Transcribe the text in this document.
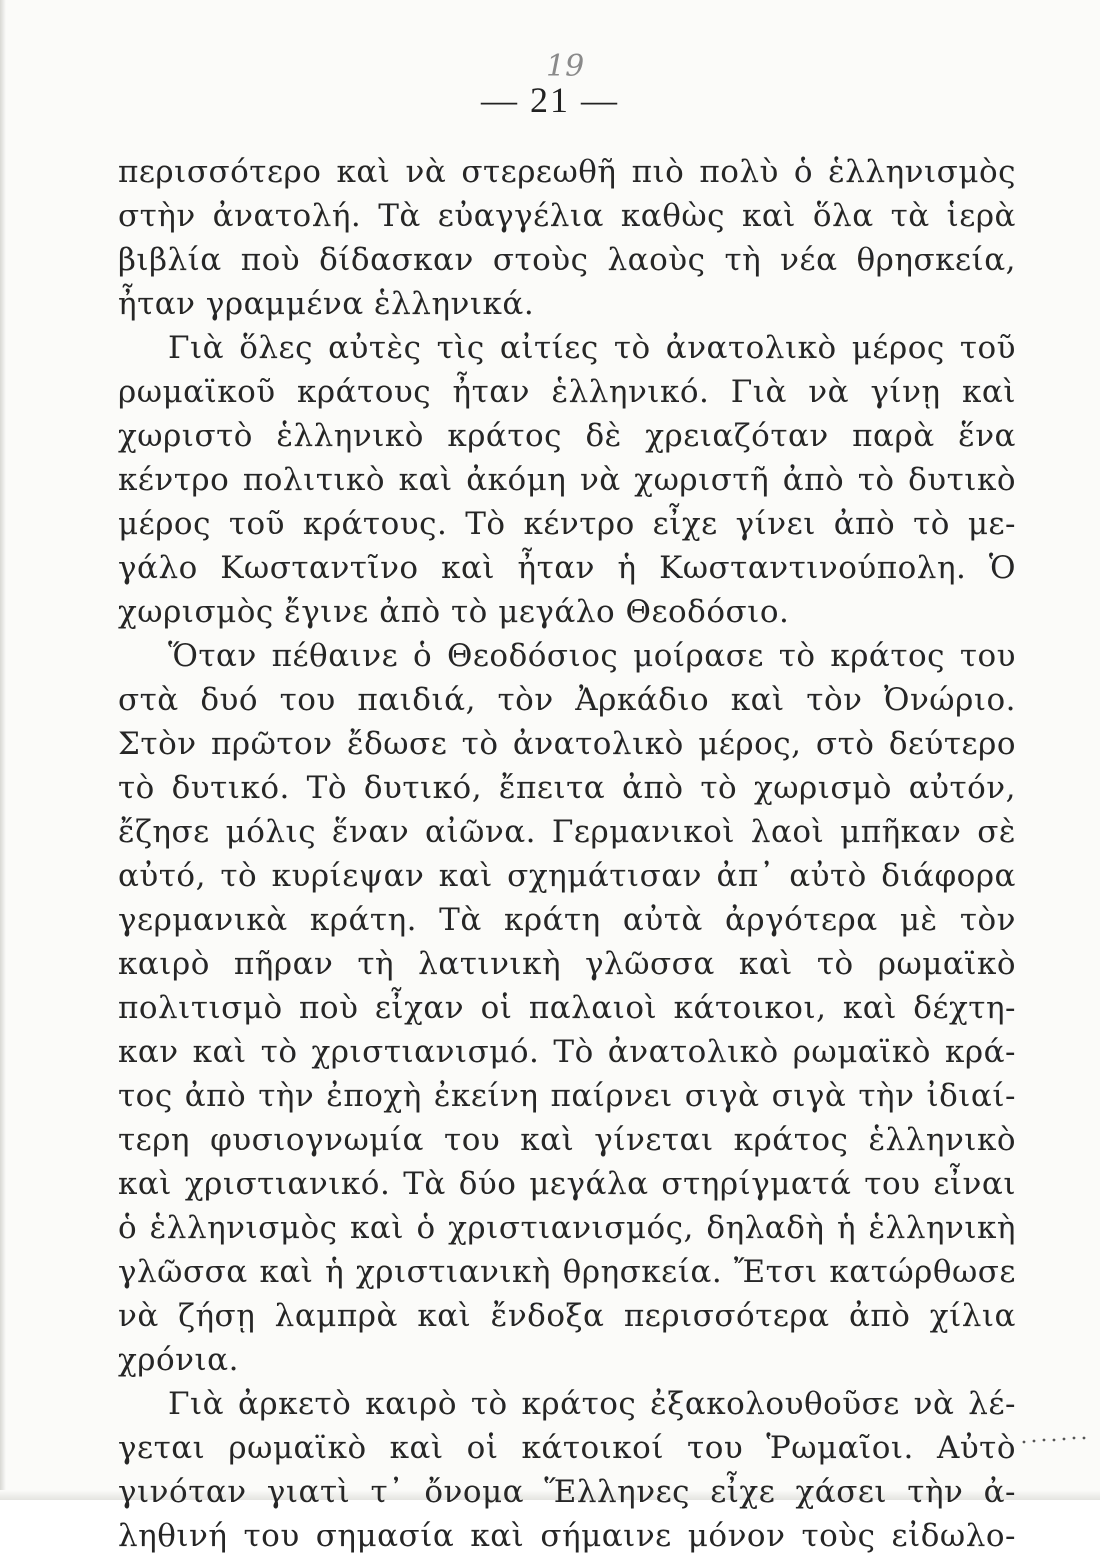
19
— 21 —
περισσότερο καὶ νὰ στερεωθῆ πιὸ πολὺ ὁ ἑλληνισμὸς
στὴν ἀνατολή. Τὰ εὐαγγέλια καθὼς καὶ ὅλα τὰ ἱερὰ
βιβλία ποὺ δίδασκαν στοὺς λαοὺς τὴ νέα θρησκεία,
ἦταν γραμμένα ἑλληνικά.
Γιὰ ὅλες αὐτὲς τὶς αἰτίες τὸ ἀνατολικὸ μέρος τοῦ
ρωμαϊκοῦ κράτους ἦταν ἑλληνικό. Γιὰ νὰ γίνῃ καὶ
χωριστὸ ἑλληνικὸ κράτος δὲ χρειαζόταν παρὰ ἕνα
κέντρο πολιτικὸ καὶ ἀκόμη νὰ χωριστῆ ἀπὸ τὸ δυτικὸ
μέρος τοῦ κράτους. Τὸ κέντρο εἶχε γίνει ἀπὸ τὸ με-
γάλο Κωσταντῖνο καὶ ἦταν ἡ Κωσταντινούπολη. Ὁ
χωρισμὸς ἔγινε ἀπὸ τὸ μεγάλο Θεοδόσιο.
Ὅταν πέθαινε ὁ Θεοδόσιος μοίρασε τὸ κράτος του
στὰ δυό του παιδιά, τὸν Ἀρκάδιο καὶ τὸν Ὀνώριο.
Στὸν πρῶτον ἔδωσε τὸ ἀνατολικὸ μέρος, στὸ δεύτερο
τὸ δυτικό. Τὸ δυτικό, ἔπειτα ἀπὸ τὸ χωρισμὸ αὐτόν,
ἔζησε μόλις ἕναν αἰῶνα. Γερμανικοὶ λαοὶ μπῆκαν σὲ
αὐτό, τὸ κυρίεψαν καὶ σχημάτισαν ἀπ᾿ αὐτὸ διάφορα
γερμανικὰ κράτη. Τὰ κράτη αὐτὰ ἀργότερα μὲ τὸν
καιρὸ πῆραν τὴ λατινικὴ γλῶσσα καὶ τὸ ρωμαϊκὸ
πολιτισμὸ ποὺ εἶχαν οἱ παλαιοὶ κάτοικοι, καὶ δέχτη-
καν καὶ τὸ χριστιανισμό. Τὸ ἀνατολικὸ ρωμαϊκὸ κρά-
τος ἀπὸ τὴν ἐποχὴ ἐκείνη παίρνει σιγὰ σιγὰ τὴν ἰδιαί-
τερη φυσιογνωμία του καὶ γίνεται κράτος ἑλληνικὸ
καὶ χριστιανικό. Τὰ δύο μεγάλα στηρίγματά του εἶναι
ὁ ἑλληνισμὸς καὶ ὁ χριστιανισμός, δηλαδὴ ἡ ἑλληνικὴ
γλῶσσα καὶ ἡ χριστιανικὴ θρησκεία. Ἔτσι κατώρθωσε
νὰ ζήσῃ λαμπρὰ καὶ ἔνδοξα περισσότερα ἀπὸ χίλια
χρόνια.
Γιὰ ἀρκετὸ καιρὸ τὸ κράτος ἐξακολουθοῦσε νὰ λέ-
γεται ρωμαϊκὸ καὶ οἱ κάτοικοί του Ῥωμαῖοι. Αὐτὸ
γινόταν γιατὶ τ᾿ ὄνομα Ἕλληνες εἶχε χάσει τὴν ἀ-
ληθινή του σημασία καὶ σήμαινε μόνον τοὺς εἰδωλο-
